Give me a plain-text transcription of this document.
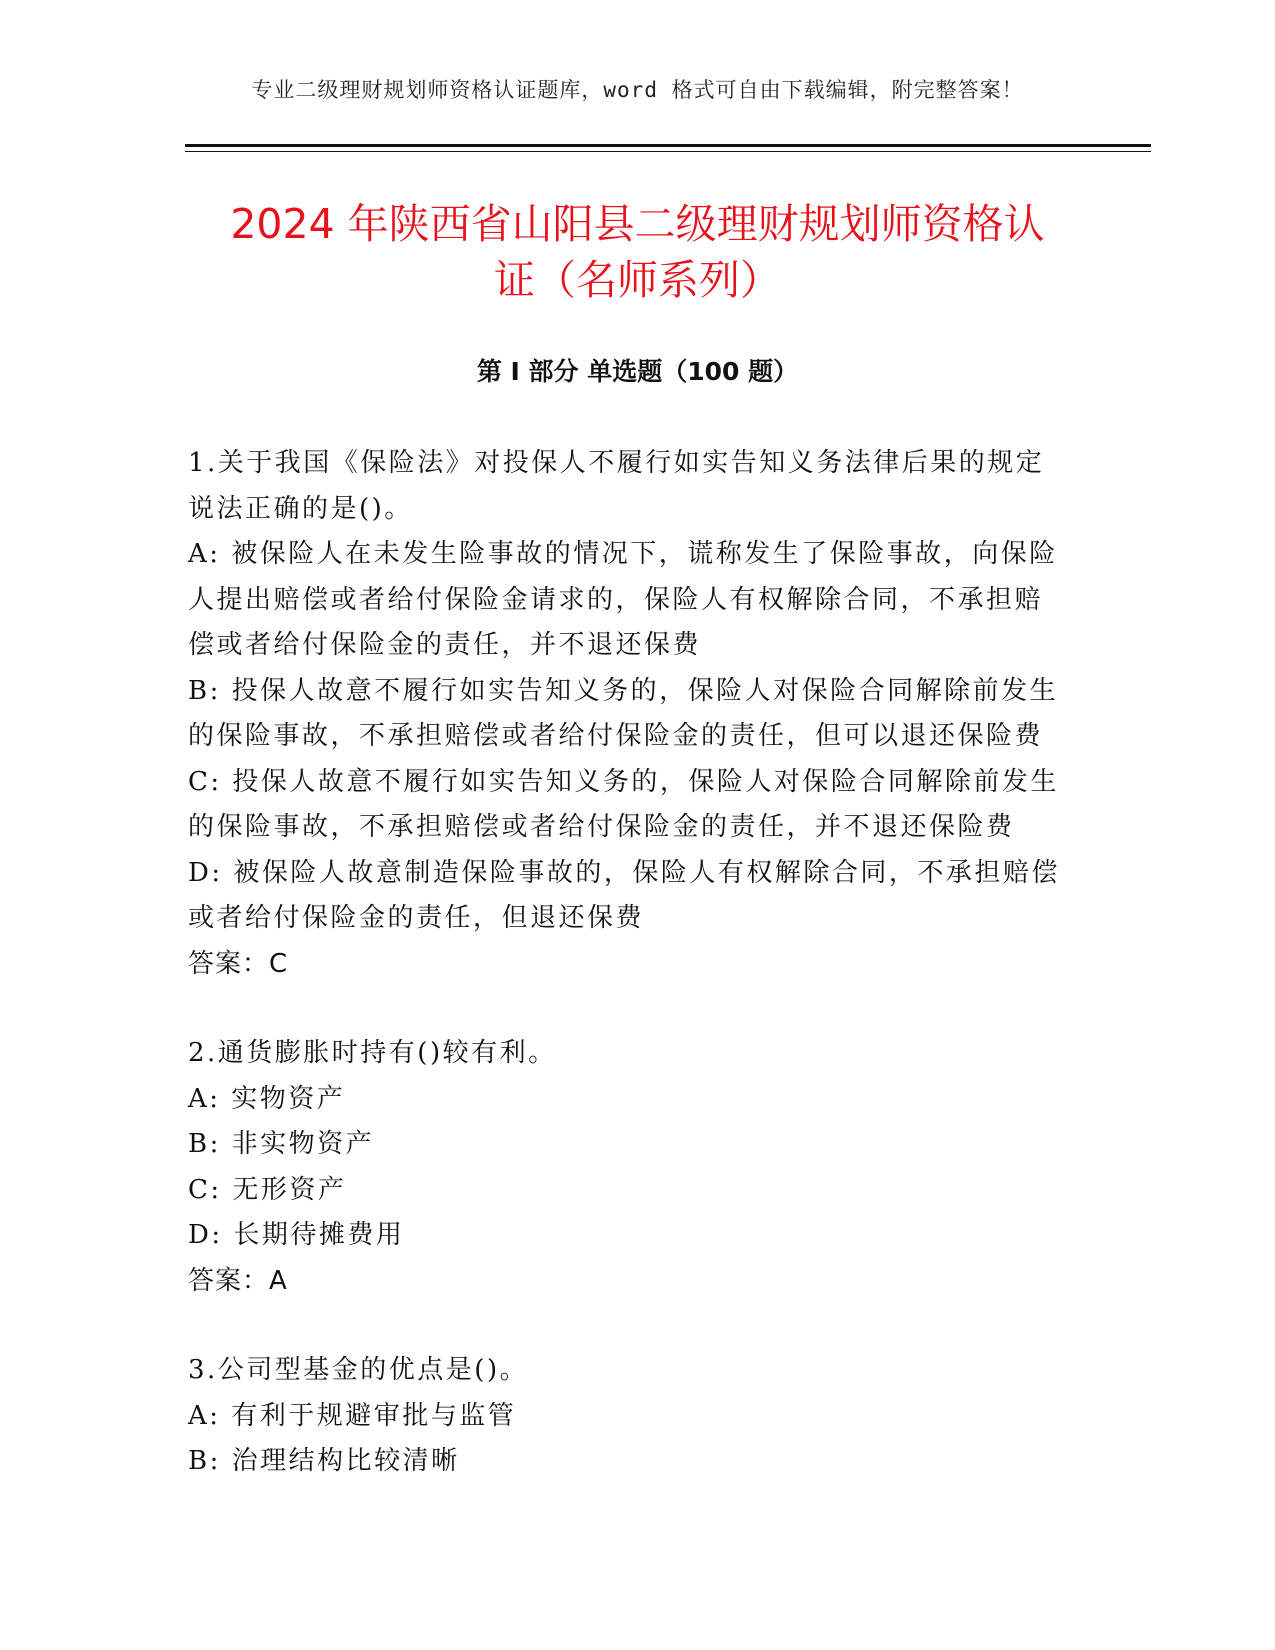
专业二级理财规划师资格认证题库，word 格式可自由下载编辑，附完整答案！
2024 年陕西省山阳县二级理财规划师资格认
证（名师系列）
第 I 部分 单选题（100 题）
1.关于我国《保险法》对投保人不履行如实告知义务法律后果的规定
说法正确的是()。
A: 被保险人在未发生险事故的情况下，谎称发生了保险事故，向保险
人提出赔偿或者给付保险金请求的，保险人有权解除合同，不承担赔
偿或者给付保险金的责任，并不退还保费
B: 投保人故意不履行如实告知义务的，保险人对保险合同解除前发生
的保险事故，不承担赔偿或者给付保险金的责任，但可以退还保险费
C: 投保人故意不履行如实告知义务的，保险人对保险合同解除前发生
的保险事故，不承担赔偿或者给付保险金的责任，并不退还保险费
D: 被保险人故意制造保险事故的，保险人有权解除合同，不承担赔偿
或者给付保险金的责任，但退还保费
答案：C
2.通货膨胀时持有()较有利。
A: 实物资产
B: 非实物资产
C: 无形资产
D: 长期待摊费用
答案：A
3.公司型基金的优点是()。
A: 有利于规避审批与监管
B: 治理结构比较清晰
